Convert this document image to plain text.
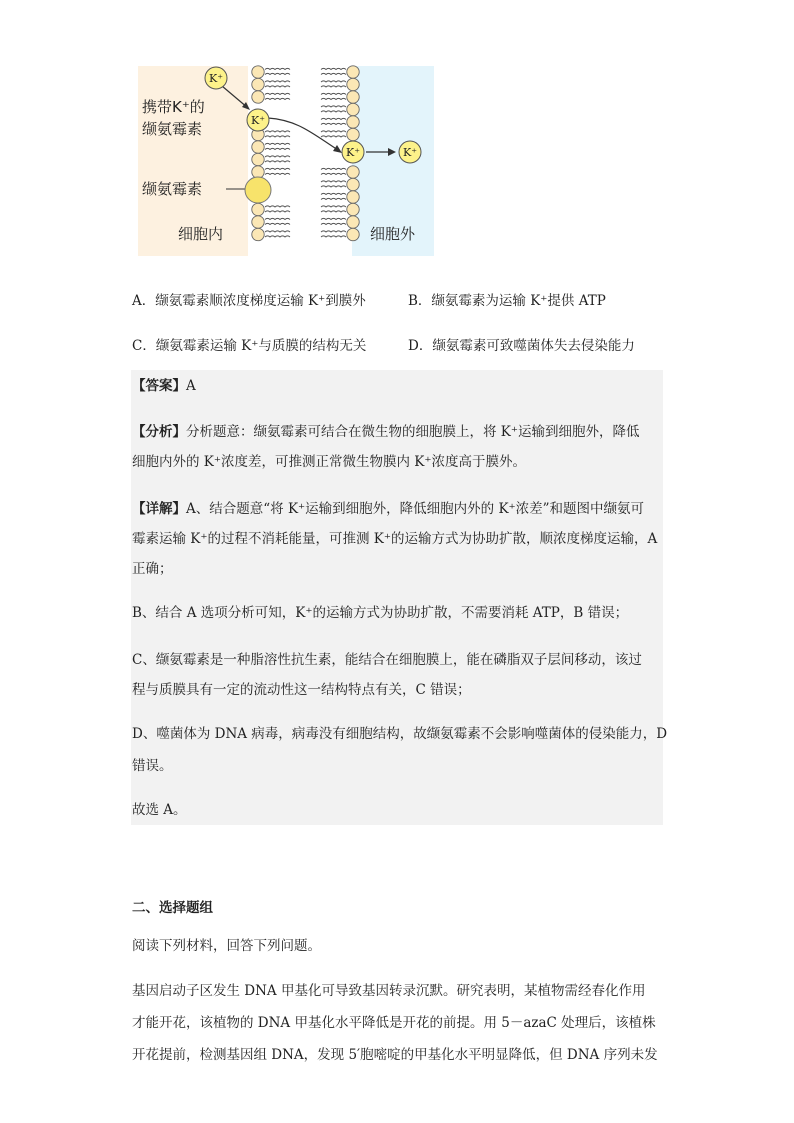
K⁺
K⁺
K⁺	K⁺
携带K⁺的
缬氨霉素
缬氨霉素
细胞内	细胞外
A．缬氨霉素顺浓度梯度运输 K⁺到膜外	B．缬氨霉素为运输 K⁺提供 ATP
C．缬氨霉素运输 K⁺与质膜的结构无关	D．缬氨霉素可致噬菌体失去侵染能力
【答案】A
【分析】分析题意：缬氨霉素可结合在微生物的细胞膜上，将 K⁺运输到细胞外，降低
细胞内外的 K⁺浓度差，可推测正常微生物膜内 K⁺浓度高于膜外。
【详解】A、结合题意“将 K⁺运输到细胞外，降低细胞内外的 K⁺浓差”和题图中缬氨可
霉素运输 K⁺的过程不消耗能量，可推测 K⁺的运输方式为协助扩散，顺浓度梯度运输，A
正确；
B、结合 A 选项分析可知，K⁺的运输方式为协助扩散，不需要消耗 ATP，B 错误；
C、缬氨霉素是一种脂溶性抗生素，能结合在细胞膜上，能在磷脂双子层间移动，该过
程与质膜具有一定的流动性这一结构特点有关，C 错误；
D、噬菌体为 DNA 病毒，病毒没有细胞结构，故缬氨霉素不会影响噬菌体的侵染能力，D
错误。
故选 A。
二、选择题组
阅读下列材料，回答下列问题。
基因启动子区发生 DNA 甲基化可导致基因转录沉默。研究表明，某植物需经春化作用
才能开花，该植物的 DNA 甲基化水平降低是开花的前提。用 5－azaC 处理后，该植株
开花提前，检测基因组 DNA，发现 5′胞嘧啶的甲基化水平明显降低，但 DNA 序列未发
